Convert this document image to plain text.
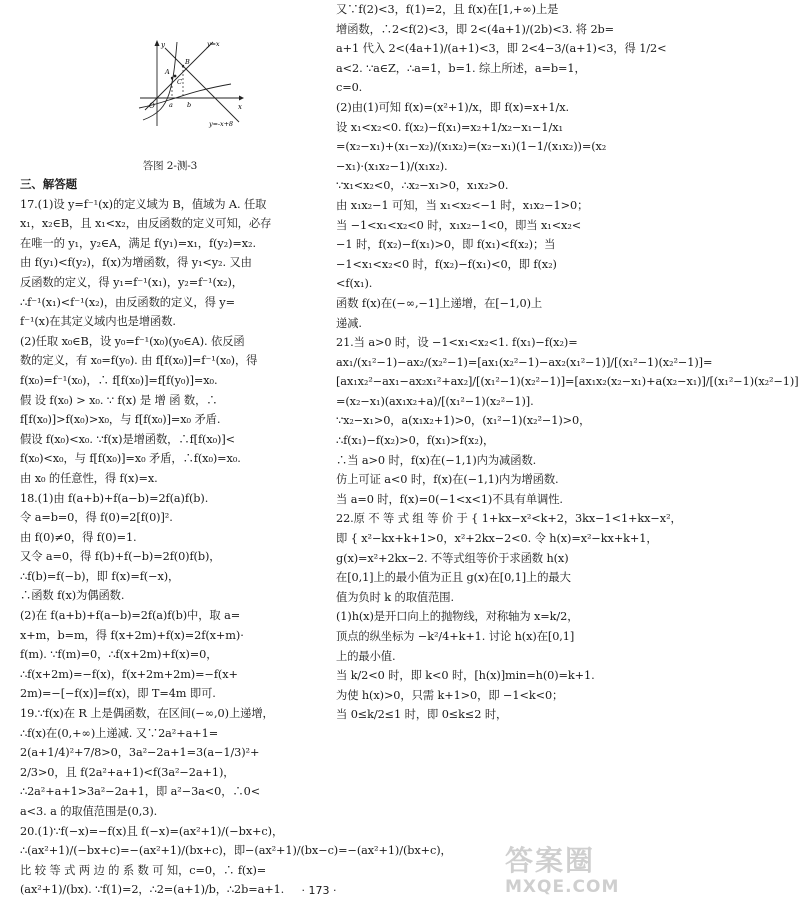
y
x
O a b
A
B
C
y=x
y=-x+8
答图 2-测-3
三、解答题
17.(1)设 y=f⁻¹(x)的定义域为 B，值域为 A. 任取
x₁，x₂∈B，且 x₁<x₂，由反函数的定义可知，必存
在唯一的 y₁，y₂∈A，满足 f(y₁)=x₁，f(y₂)=x₂.
由 f(y₁)<f(y₂)，f(x)为增函数，得 y₁<y₂. 又由
反函数的定义，得 y₁=f⁻¹(x₁)，y₂=f⁻¹(x₂)，
∴f⁻¹(x₁)<f⁻¹(x₂)，由反函数的定义，得 y=
f⁻¹(x)在其定义域内也是增函数.
(2)任取 x₀∈B，设 y₀=f⁻¹(x₀)(y₀∈A). 依反函
数的定义，有 x₀=f(y₀). 由 f[f(x₀)]=f⁻¹(x₀)，得
f(x₀)=f⁻¹(x₀)，∴ f[f(x₀)]=f[f(y₀)]=x₀.
假 设 f(x₀) > x₀. ∵ f(x) 是 增 函 数，∴
f[f(x₀)]>f(x₀)>x₀，与 f[f(x₀)]=x₀ 矛盾.
假设 f(x₀)<x₀. ∵f(x)是增函数，∴f[f(x₀)]<
f(x₀)<x₀，与 f[f(x₀)]=x₀ 矛盾，∴f(x₀)=x₀.
由 x₀ 的任意性，得 f(x)=x.
18.(1)由 f(a+b)+f(a−b)=2f(a)f(b).
令 a=b=0，得 f(0)=2[f(0)]².
由 f(0)≠0，得 f(0)=1.
又令 a=0，得 f(b)+f(−b)=2f(0)f(b)，
∴f(b)=f(−b)，即 f(x)=f(−x)，
∴函数 f(x)为偶函数.
(2)在 f(a+b)+f(a−b)=2f(a)f(b)中，取 a=
x+m，b=m，得 f(x+2m)+f(x)=2f(x+m)·
f(m). ∵f(m)=0，∴f(x+2m)+f(x)=0，
∴f(x+2m)=−f(x)，f(x+2m+2m)=−f(x+
2m)=−[−f(x)]=f(x)，即 T=4m 即可.
19.∵f(x)在 R 上是偶函数，在区间(−∞,0)上递增，
∴f(x)在(0,+∞)上递减. 又∵2a²+a+1=
2(a+1/4)²+7/8>0，3a²−2a+1=3(a−1/3)²+
2/3>0，且 f(2a²+a+1)<f(3a²−2a+1)，
∴2a²+a+1>3a²−2a+1，即 a²−3a<0，∴0<
a<3. a 的取值范围是(0,3).
20.(1)∵f(−x)=−f(x)且 f(−x)=(ax²+1)/(−bx+c)，
∴(ax²+1)/(−bx+c)=−(ax²+1)/(bx+c)，即−(ax²+1)/(bx−c)=−(ax²+1)/(bx+c)，
比 较 等 式 两 边 的 系 数 可 知，c=0，∴ f(x)=
(ax²+1)/(bx). ∵f(1)=2，∴2=(a+1)/b，∴2b=a+1.
又∵f(2)<3，f(1)=2，且 f(x)在[1,+∞)上是
增函数，∴2<f(2)<3，即 2<(4a+1)/(2b)<3. 将 2b=
a+1 代入 2<(4a+1)/(a+1)<3，即 2<4−3/(a+1)<3，得 1/2<
a<2. ∵a∈Z，∴a=1，b=1. 综上所述，a=b=1，
c=0.
(2)由(1)可知 f(x)=(x²+1)/x，即 f(x)=x+1/x.
设 x₁<x₂<0. f(x₂)−f(x₁)=x₂+1/x₂−x₁−1/x₁
=(x₂−x₁)+(x₁−x₂)/(x₁x₂)=(x₂−x₁)(1−1/(x₁x₂))=(x₂
−x₁)·(x₁x₂−1)/(x₁x₂).
∵x₁<x₂<0，∴x₂−x₁>0，x₁x₂>0.
由 x₁x₂−1 可知，当 x₁<x₂<−1 时，x₁x₂−1>0；
当 −1<x₁<x₂<0 时，x₁x₂−1<0，即当 x₁<x₂<
−1 时，f(x₂)−f(x₁)>0，即 f(x₁)<f(x₂)；当
−1<x₁<x₂<0 时，f(x₂)−f(x₁)<0，即 f(x₂)
<f(x₁).
函数 f(x)在(−∞,−1]上递增，在[−1,0)上
递减.
21.当 a>0 时，设 −1<x₁<x₂<1. f(x₁)−f(x₂)=
ax₁/(x₁²−1)−ax₂/(x₂²−1)=[ax₁(x₂²−1)−ax₂(x₁²−1)]/[(x₁²−1)(x₂²−1)]=
[ax₁x₂²−ax₁−ax₂x₁²+ax₂]/[(x₁²−1)(x₂²−1)]=[ax₁x₂(x₂−x₁)+a(x₂−x₁)]/[(x₁²−1)(x₂²−1)]
=(x₂−x₁)(ax₁x₂+a)/[(x₁²−1)(x₂²−1)].
∵x₂−x₁>0，a(x₁x₂+1)>0，(x₁²−1)(x₂²−1)>0，
∴f(x₁)−f(x₂)>0，f(x₁)>f(x₂)，
∴当 a>0 时，f(x)在(−1,1)内为减函数.
仿上可证 a<0 时，f(x)在(−1,1)内为增函数.
当 a=0 时，f(x)=0(−1<x<1)不具有单调性.
22.原 不 等 式 组 等 价 于 { 1+kx−x²<k+2，3kx−1<1+kx−x²，
即 { x²−kx+k+1>0，x²+2kx−2<0. 令 h(x)=x²−kx+k+1，
g(x)=x²+2kx−2. 不等式组等价于求函数 h(x)
在[0,1]上的最小值为正且 g(x)在[0,1]上的最大
值为负时 k 的取值范围.
(1)h(x)是开口向上的抛物线，对称轴为 x=k/2，
顶点的纵坐标为 −k²/4+k+1. 讨论 h(x)在[0,1]
上的最小值.
当 k/2<0 时，即 k<0 时，[h(x)]min=h(0)=k+1.
为使 h(x)>0，只需 k+1>0，即 −1<k<0；
当 0≤k/2≤1 时，即 0≤k≤2 时，
· 173 ·
答案圈
MXQE.COM
